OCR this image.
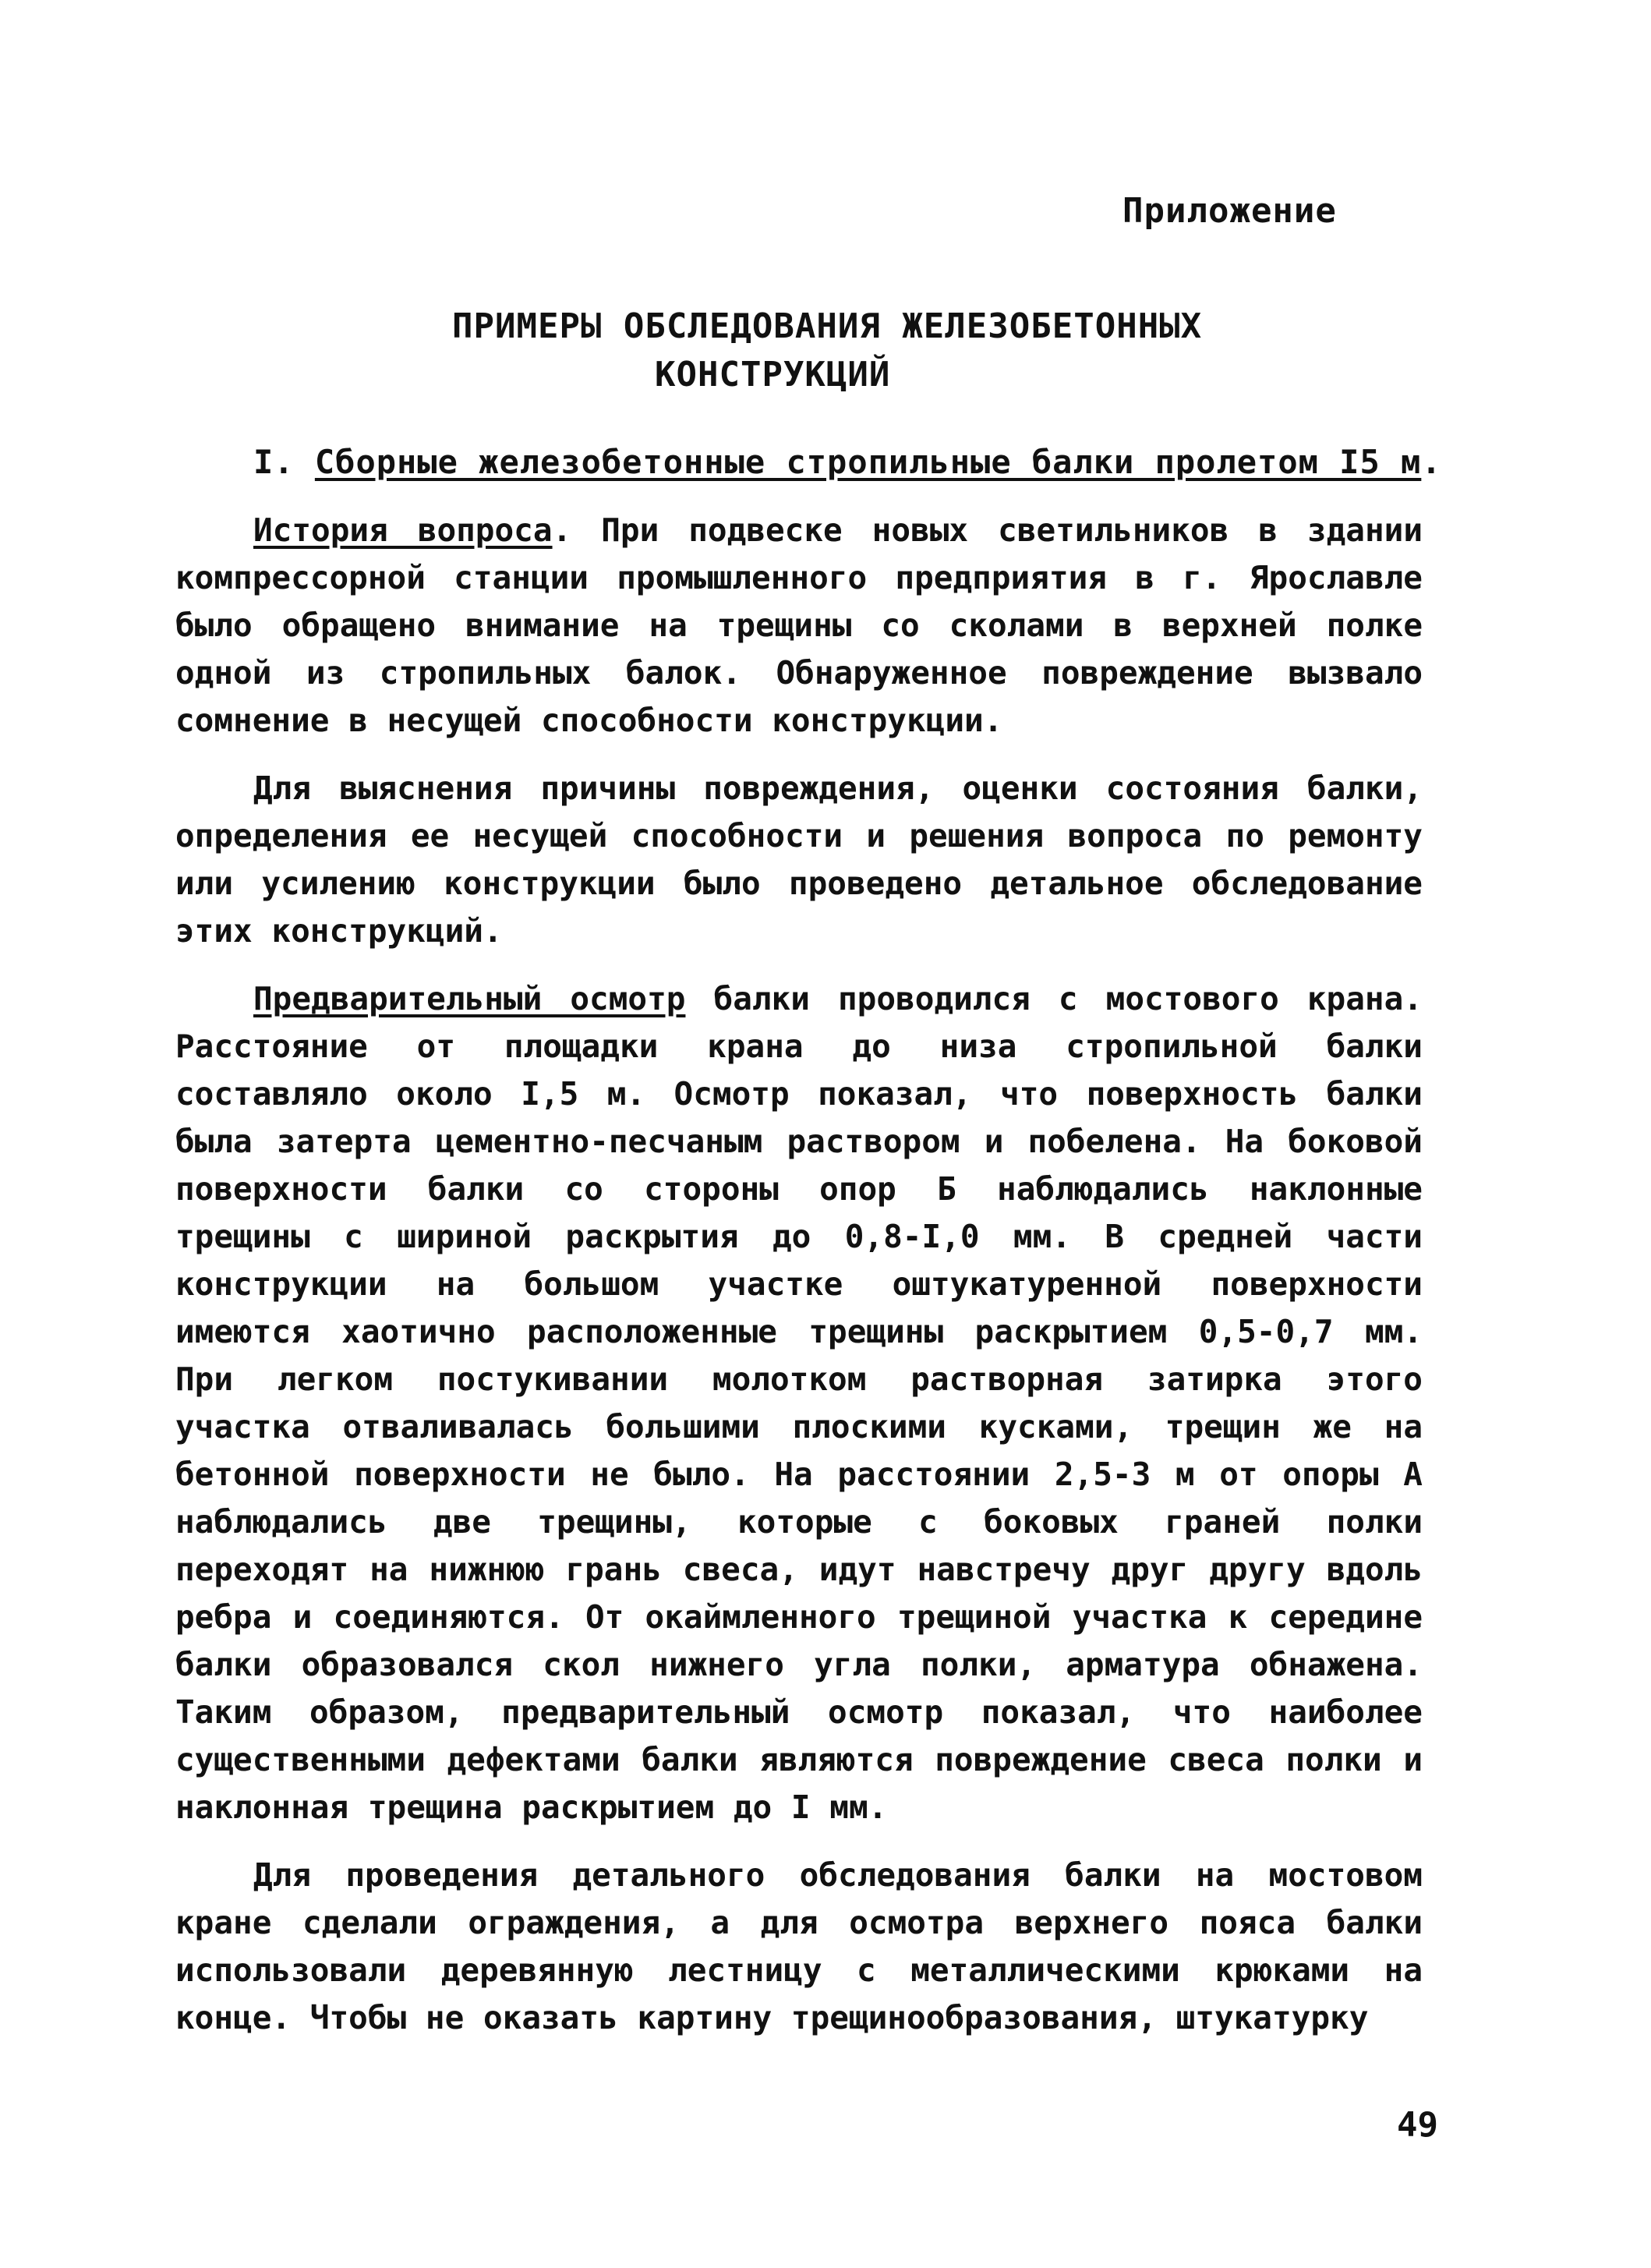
Приложение
ПРИМЕРЫ ОБСЛЕДОВАНИЯ ЖЕЛЕЗОБЕТОННЫХ
КОНСТРУКЦИЙ
I. Сборные железобетонные стропильные балки пролетом I5 м.

История вопроса. При подвеске новых светильников в здании компрессорной станции промышленного предприятия в г. Ярославле было обращено внимание на трещины со сколами в верхней полке одной из стропильных балок. Обнаруженное повреждение вызвало сомнение в несущей способности конструкции.

Для выяснения причины повреждения, оценки состояния балки, определения ее несущей способности и решения вопроса по ремонту или усилению конструкции было проведено детальное обследование этих конструкций.

Предварительный осмотр балки проводился с мостового крана. Расстояние от площадки крана до низа стропильной балки составляло около I,5 м. Осмотр показал, что поверхность балки была затерта цементно-песчаным раствором и побелена. На боковой поверхности балки со стороны опор Б наблюдались наклонные трещины с шириной раскрытия до 0,8-I,0 мм. В средней части конструкции на большом участке оштукатуренной поверхности имеются хаотично расположенные трещины раскрытием 0,5-0,7 мм. При легком постукивании молотком растворная затирка этого участка отваливалась большими плоскими кусками, трещин же на бетонной поверхности не было. На расстоянии 2,5-3 м от опоры А наблюдались две трещины, которые с боковых граней полки переходят на нижнюю грань свеса, идут навстречу друг другу вдоль ребра и соединяются. От окаймленного трещиной участка к середине балки образовался скол нижнего угла полки, арматура обнажена. Таким образом, предварительный осмотр показал, что наиболее существенными дефектами балки являются повреждение свеса полки и наклонная трещина раскрытием до I мм.

Для проведения детального обследования балки на мостовом кране сделали ограждения, а для осмотра верхнего пояса балки использовали деревянную лестницу с металлическими крюками на конце. Чтобы не оказать картину трещинообразования, штукатурку

49
